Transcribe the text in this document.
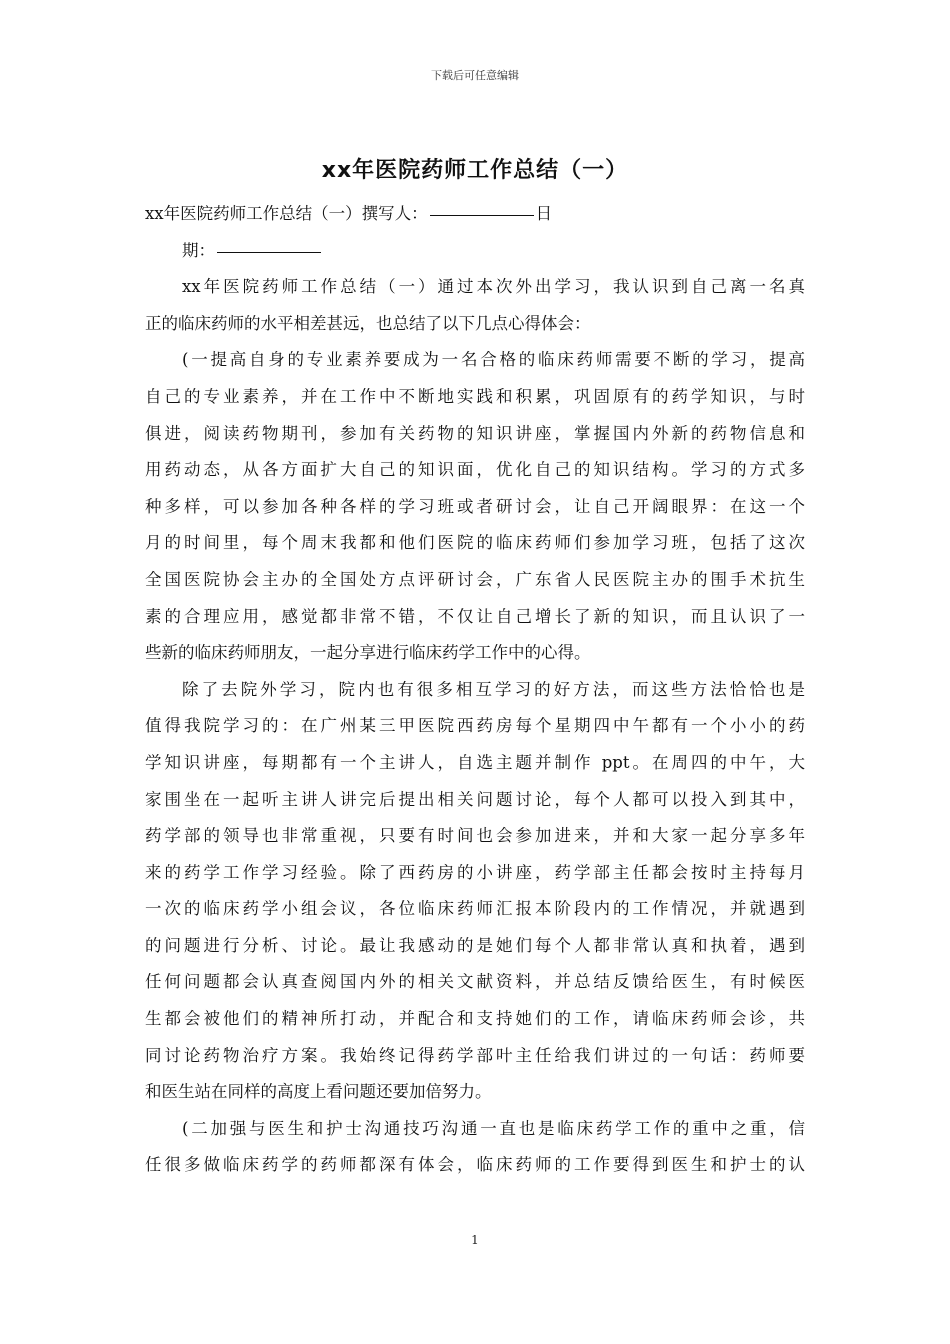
下载后可任意编辑
xx年医院药师工作总结（一）
xx年医院药师工作总结（一）撰写人：	日
期：
xx年医院药师工作总结（一）通过本次外出学习，我认识到自己离一名真
正的临床药师的水平相差甚远，也总结了以下几点心得体会：
(一提高自身的专业素养要成为一名合格的临床药师需要不断的学习，提高
自己的专业素养，并在工作中不断地实践和积累，巩固原有的药学知识，与时
俱进，阅读药物期刊，参加有关药物的知识讲座，掌握国内外新的药物信息和
用药动态，从各方面扩大自己的知识面，优化自己的知识结构。学习的方式多
种多样，可以参加各种各样的学习班或者研讨会，让自己开阔眼界：在这一个
月的时间里，每个周末我都和他们医院的临床药师们参加学习班，包括了这次
全国医院协会主办的全国处方点评研讨会，广东省人民医院主办的围手术抗生
素的合理应用，感觉都非常不错，不仅让自己增长了新的知识，而且认识了一
些新的临床药师朋友，一起分享进行临床药学工作中的心得。
除了去院外学习，院内也有很多相互学习的好方法，而这些方法恰恰也是
值得我院学习的：在广州某三甲医院西药房每个星期四中午都有一个小小的药
学知识讲座，每期都有一个主讲人，自选主题并制作 ppt。在周四的中午，大
家围坐在一起听主讲人讲完后提出相关问题讨论，每个人都可以投入到其中，
药学部的领导也非常重视，只要有时间也会参加进来，并和大家一起分享多年
来的药学工作学习经验。除了西药房的小讲座，药学部主任都会按时主持每月
一次的临床药学小组会议，各位临床药师汇报本阶段内的工作情况，并就遇到
的问题进行分析、讨论。最让我感动的是她们每个人都非常认真和执着，遇到
任何问题都会认真查阅国内外的相关文献资料，并总结反馈给医生，有时候医
生都会被他们的精神所打动，并配合和支持她们的工作，请临床药师会诊，共
同讨论药物治疗方案。我始终记得药学部叶主任给我们讲过的一句话：药师要
和医生站在同样的高度上看问题还要加倍努力。
(二加强与医生和护士沟通技巧沟通一直也是临床药学工作的重中之重，信
任很多做临床药学的药师都深有体会，临床药师的工作要得到医生和护士的认
1
